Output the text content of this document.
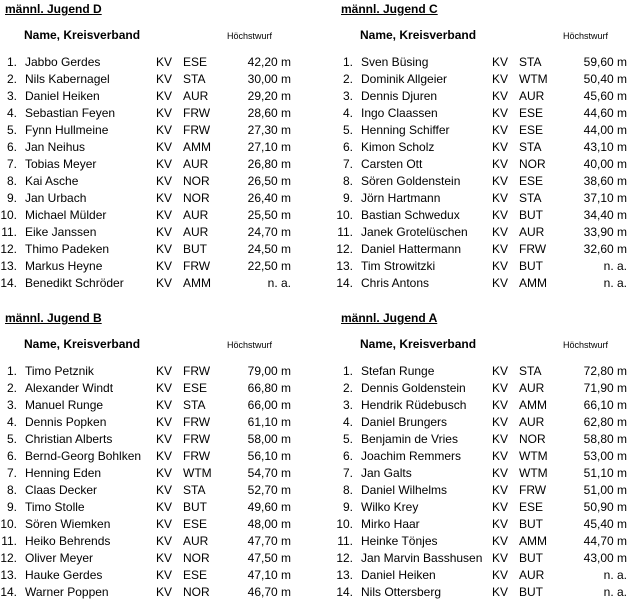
männl. Jugend D
Name, Kreisverband	Höchstwurf
1. Jabbo Gerdes	KV ESE	42,20 m
2. Nils Kabernagel	KV STA	30,00 m
3. Daniel Heiken	KV AUR	29,20 m
4. Sebastian Feyen	KV FRW	28,60 m
5. Fynn Hullmeine	KV FRW	27,30 m
6. Jan Neihus	KV AMM	27,10 m
7. Tobias Meyer	KV AUR	26,80 m
8. Kai Asche	KV NOR	26,50 m
9. Jan Urbach	KV NOR	26,40 m
10. Michael Mülder	KV AUR	25,50 m
11. Eike Janssen	KV AUR	24,70 m
12. Thimo Padeken	KV BUT	24,50 m
13. Markus Heyne	KV FRW	22,50 m
14. Benedikt Schröder	KV AMM	n. a.
männl. Jugend C
Name, Kreisverband	Höchstwurf
1. Sven Büsing	KV STA	59,60 m
2. Dominik Allgeier	KV WTM	50,40 m
3. Dennis Djuren	KV AUR	45,60 m
4. Ingo Claassen	KV ESE	44,60 m
5. Henning Schiffer	KV ESE	44,00 m
6. Kimon Scholz	KV STA	43,10 m
7. Carsten Ott	KV NOR	40,00 m
8. Sören Goldenstein	KV ESE	38,60 m
9. Jörn Hartmann	KV STA	37,10 m
10. Bastian Schwedux	KV BUT	34,40 m
11. Janek Grotelüschen KV AUR	33,90 m
12. Daniel Hattermann	KV FRW	32,60 m
13. Tim Strowitzki	KV BUT	n. a.
14. Chris Antons	KV AMM	n. a.
männl. Jugend B
Name, Kreisverband	Höchstwurf
1. Timo Petznik	KV FRW	79,00 m
2. Alexander Windt	KV ESE	66,80 m
3. Manuel Runge	KV STA	66,00 m
4. Dennis Popken	KV FRW	61,10 m
5. Christian Alberts	KV FRW	58,00 m
6. Bernd-Georg Bohlken KV FRW	56,10 m
7. Henning Eden	KV WTM	54,70 m
8. Claas Decker	KV STA	52,70 m
9. Timo Stolle	KV BUT	49,60 m
10. Sören Wiemken	KV ESE	48,00 m
11. Heiko Behrends	KV AUR	47,70 m
12. Oliver Meyer	KV NOR	47,50 m
13. Hauke Gerdes	KV ESE	47,10 m
14. Warner Poppen	KV NOR	46,70 m
männl. Jugend A
Name, Kreisverband	Höchstwurf
1. Stefan Runge	KV STA	72,80 m
2. Dennis Goldenstein KV AUR	71,90 m
3. Hendrik Rüdebusch KV AMM	66,10 m
4. Daniel Brungers	KV AUR	62,80 m
5. Benjamin de Vries	KV NOR	58,80 m
6. Joachim Remmers	KV WTM	53,00 m
7. Jan Galts	KV WTM	51,10 m
8. Daniel Wilhelms	KV FRW	51,00 m
9. Wilko Krey	KV ESE	50,90 m
10. Mirko Haar	KV BUT	45,40 m
11. Heinke Tönjes	KV AMM	44,70 m
12. Jan Marvin Basshusen KV BUT	43,00 m
13. Daniel Heiken	KV AUR	n. a.
14. Nils Ottersberg	KV BUT	n. a.
